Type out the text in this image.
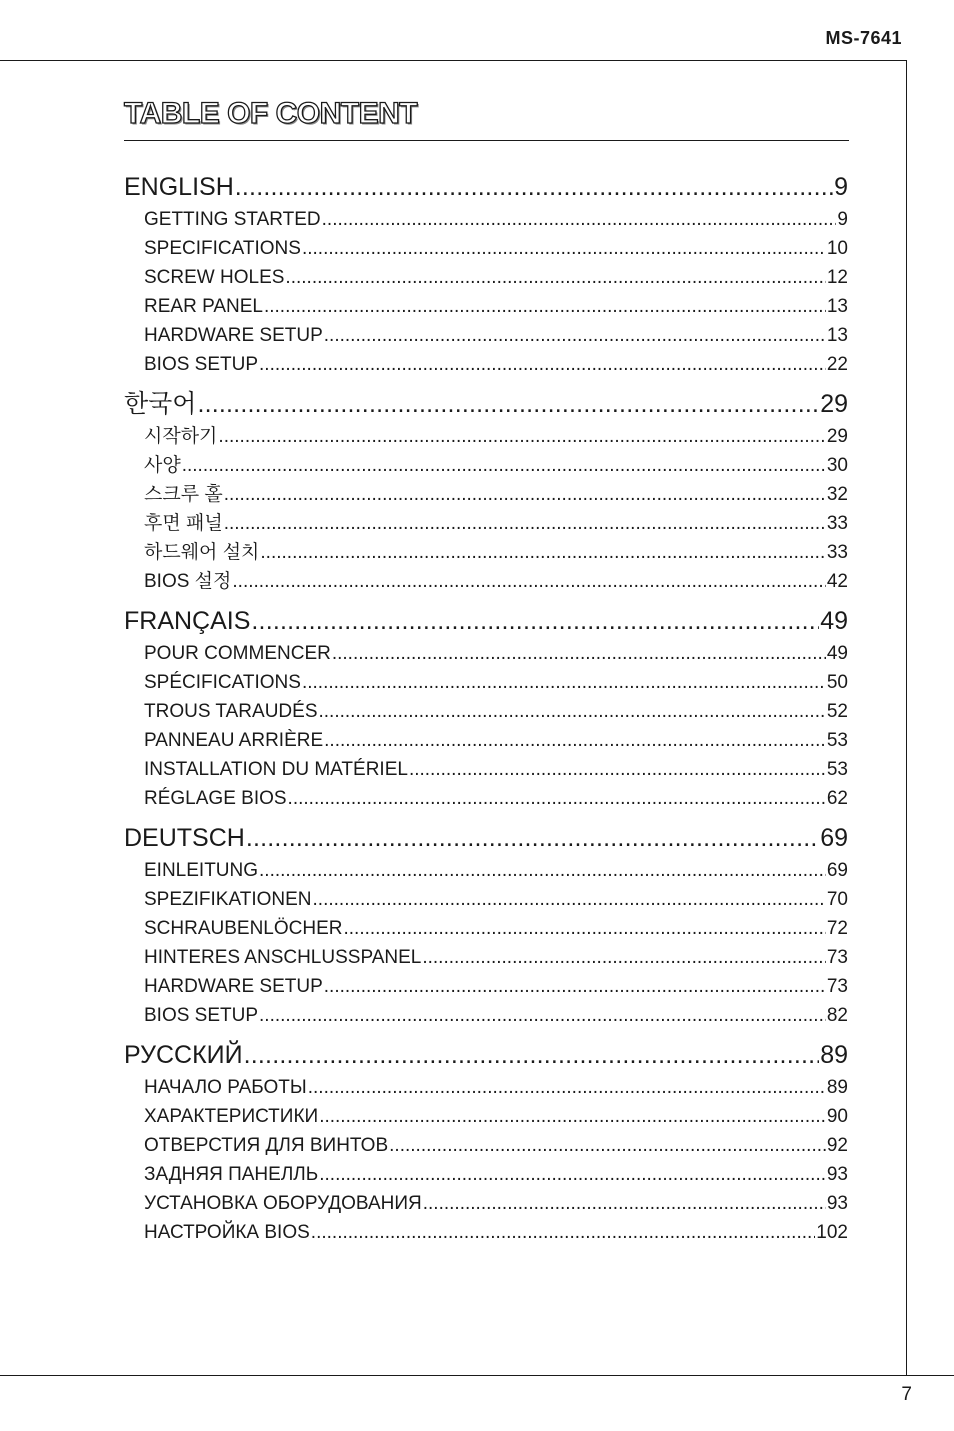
MS-7641
TABLE OF CONTENT
ENGLISH .....	9
GETTING STARTED .....	9
SPECIFICATIONS .....	10
SCREW HOLES .....	12
REAR PANEL .....	13
HARDWARE SETUP .....	13
BIOS SETUP .....	22
한국어 .....	29
시작하기 .....	29
사양 .....	30
스크루 홀 .....	32
후면 패널 .....	33
하드웨어 설치 .....	33
BIOS 설정 .....	42
FRANÇAIS .....	49
POUR COMMENCER .....	49
SPÉCIFICATIONS .....	50
TROUS TARAUDÉS .....	52
PANNEAU ARRIÈRE .....	53
INSTALLATION DU MATÉRIEL .....	53
RÉGLAGE BIOS .....	62
DEUTSCH .....	69
EINLEITUNG .....	69
SPEZIFIKATIONEN .....	70
SCHRAUBENLÖCHER .....	72
HINTERES ANSCHLUSSPANEL .....	73
HARDWARE SETUP .....	73
BIOS SETUP .....	82
РУССКИЙ .....	89
НАЧАЛО РАБОТЫ .....	89
ХАРАКТЕРИСТИКИ .....	90
ОТВЕРСТИЯ ДЛЯ ВИНТОВ .....	92
ЗАДНЯЯ ПАНЕЛЛЬ .....	93
УСТАНОВКА ОБОРУДОВАНИЯ .....	93
НАСТРОЙКА BIOS .....	102
7
